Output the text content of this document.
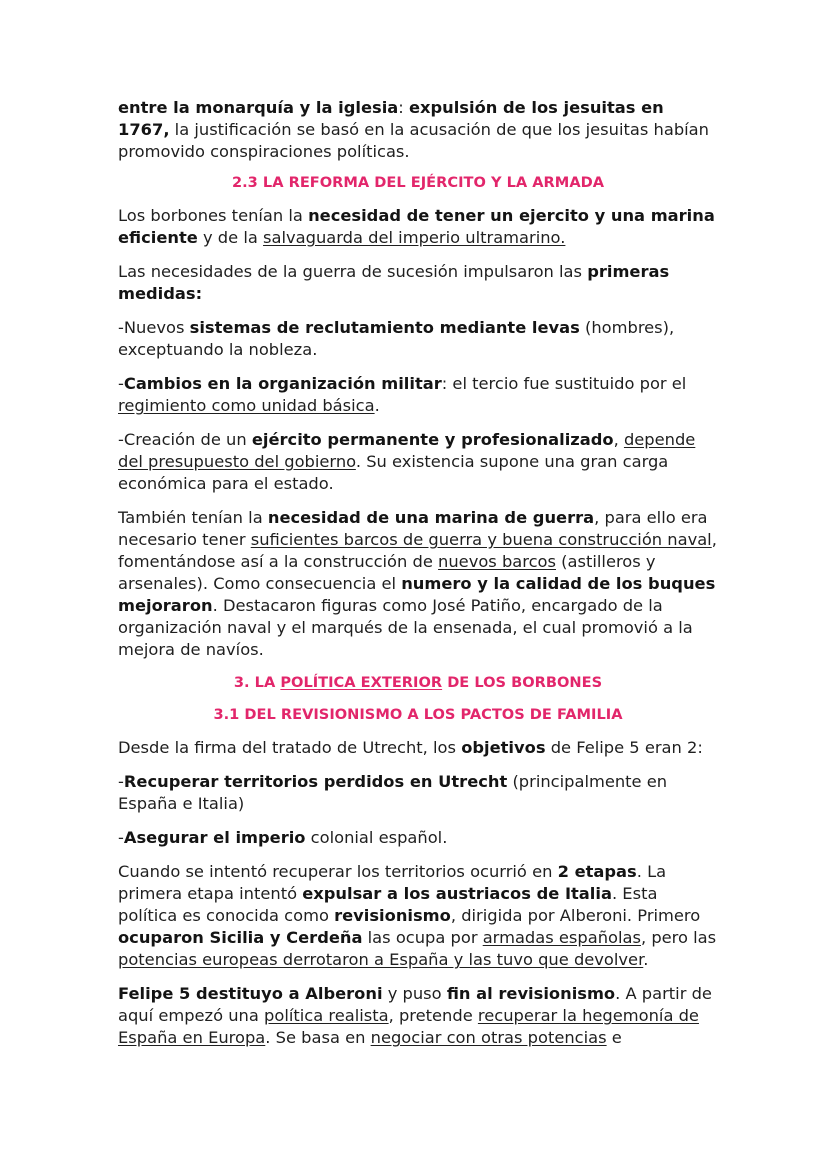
entre la monarquía y la iglesia: expulsión de los jesuitas en 1767, la justificación se basó en la acusación de que los jesuitas habían promovido conspiraciones políticas.

2.3 LA REFORMA DEL EJÉRCITO Y LA ARMADA

Los borbones tenían la necesidad de tener un ejercito y una marina eficiente y de la salvaguarda del imperio ultramarino.

Las necesidades de la guerra de sucesión impulsaron las primeras medidas:

-Nuevos sistemas de reclutamiento mediante levas (hombres), exceptuando la nobleza.

-Cambios en la organización militar: el tercio fue sustituido por el regimiento como unidad básica.

-Creación de un ejército permanente y profesionalizado, depende del presupuesto del gobierno. Su existencia supone una gran carga económica para el estado.

También tenían la necesidad de una marina de guerra, para ello era necesario tener suficientes barcos de guerra y buena construcción naval, fomentándose así a la construcción de nuevos barcos (astilleros y arsenales). Como consecuencia el numero y la calidad de los buques mejoraron. Destacaron figuras como José Patiño, encargado de la organización naval y el marqués de la ensenada, el cual promovió a la mejora de navíos.

3. LA POLÍTICA EXTERIOR DE LOS BORBONES
3.1 DEL REVISIONISMO A LOS PACTOS DE FAMILIA

Desde la firma del tratado de Utrecht, los objetivos de Felipe 5 eran 2:

-Recuperar territorios perdidos en Utrecht (principalmente en España e Italia)

-Asegurar el imperio colonial español.

Cuando se intentó recuperar los territorios ocurrió en 2 etapas. La primera etapa intentó expulsar a los austriacos de Italia. Esta política es conocida como revisionismo, dirigida por Alberoni. Primero ocuparon Sicilia y Cerdeña las ocupa por armadas españolas, pero las potencias europeas derrotaron a España y las tuvo que devolver.

Felipe 5 destituyo a Alberoni y puso fin al revisionismo. A partir de aquí empezó una política realista, pretende recuperar la hegemonía de España en Europa. Se basa en negociar con otras potencias e
